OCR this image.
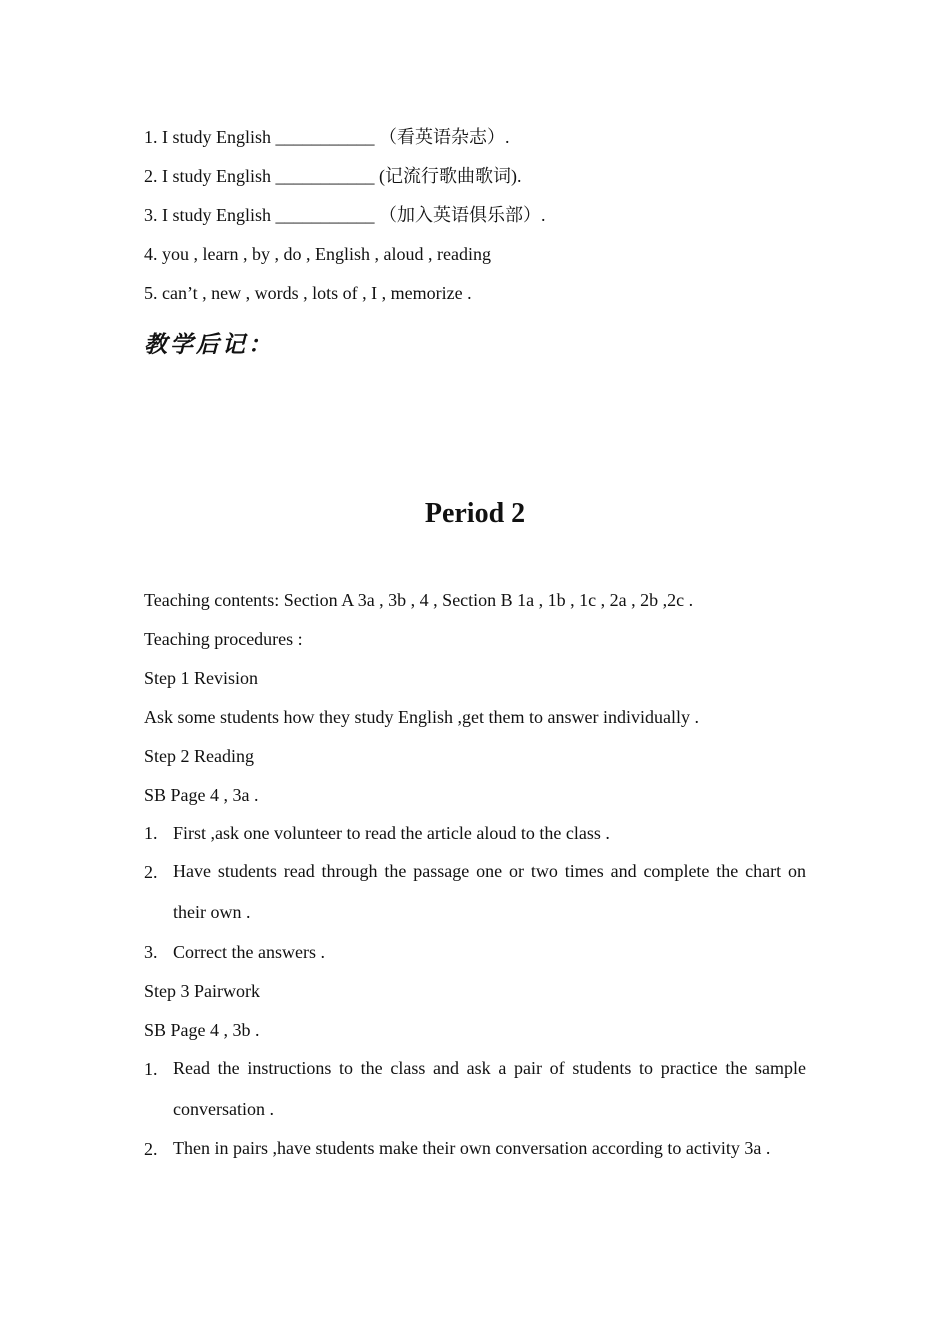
1. I study English ___________ （看英语杂志）.
2. I study English ___________ (记流行歌曲歌词).
3. I study English ___________ （加入英语俱乐部）.
4. you , learn , by , do , English , aloud , reading
5. can’t , new , words , lots of , I , memorize .
教学后记：
Period 2
Teaching contents: Section A 3a , 3b , 4 , Section B 1a , 1b , 1c , 2a , 2b ,2c .
Teaching procedures :
Step 1 Revision
Ask some students how they study English ,get them to answer individually .
Step 2 Reading
SB Page 4 , 3a .
1. First ,ask one volunteer to read the article aloud to the class .
2. Have students read through the passage one or two times and complete the chart on their own .
3. Correct the answers .
Step 3 Pairwork
SB Page 4 , 3b .
1. Read the instructions to the class and ask a pair of students to practice the sample conversation .
2. Then in pairs ,have students make their own conversation according to activity 3a .
